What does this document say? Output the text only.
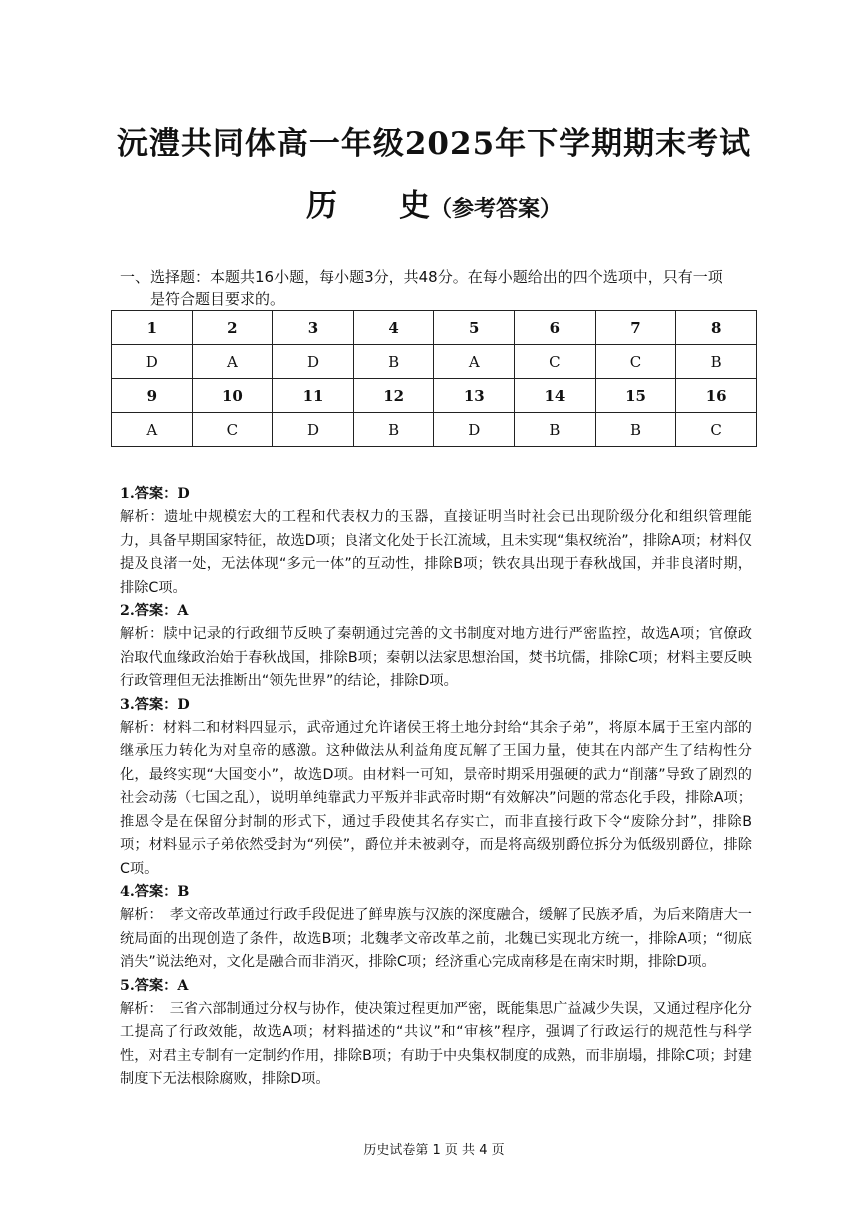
沅澧共同体高一年级2025年下学期期末考试
历 史（参考答案）
一、选择题：本题共16小题，每小题3分，共48分。在每小题给出的四个选项中，只有一项
是符合题目要求的。
1	2	3	4	5	6	7	8
D	A	D	B	A	C	C	B
9	10	11	12	13	14	15	16
A	C	D	B	D	B	B	C
1.答案：D

解析：遗址中规模宏大的工程和代表权力的玉器，直接证明当时社会已出现阶级分化和组织管理能力，具备早期国家特征，故选D项；良渚文化处于长江流域，且未实现“集权统治”，排除A项；材料仅提及良渚一处，无法体现“多元一体”的互动性，排除B项；铁农具出现于春秋战国，并非良渚时期，排除C项。

2.答案：A

解析：牍中记录的行政细节反映了秦朝通过完善的文书制度对地方进行严密监控，故选A项；官僚政治取代血缘政治始于春秋战国，排除B项；秦朝以法家思想治国，焚书坑儒，排除C项；材料主要反映行政管理但无法推断出“领先世界”的结论，排除D项。

3.答案：D

解析：材料二和材料四显示，武帝通过允许诸侯王将土地分封给“其余子弟”，将原本属于王室内部的继承压力转化为对皇帝的感激。这种做法从利益角度瓦解了王国力量，使其在内部产生了结构性分化，最终实现“大国变小”，故选D项。由材料一可知，景帝时期采用强硬的武力“削藩”导致了剧烈的社会动荡（七国之乱），说明单纯靠武力平叛并非武帝时期“有效解决”问题的常态化手段，排除A项；推恩令是在保留分封制的形式下，通过手段使其名存实亡，而非直接行政下令“废除分封”，排除B项；材料显示子弟依然受封为“列侯”，爵位并未被剥夺，而是将高级别爵位拆分为低级别爵位，排除C项。

4.答案：B

解析：　孝文帝改革通过行政手段促进了鲜卑族与汉族的深度融合，缓解了民族矛盾，为后来隋唐大一统局面的出现创造了条件，故选B项；北魏孝文帝改革之前，北魏已实现北方统一，排除A项；“彻底消失”说法绝对，文化是融合而非消灭，排除C项；经济重心完成南移是在南宋时期，排除D项。

5.答案：A

解析：　三省六部制通过分权与协作，使决策过程更加严密，既能集思广益减少失误，又通过程序化分工提高了行政效能，故选A项；材料描述的“共议”和“审核”程序，强调了行政运行的规范性与科学性，对君主专制有一定制约作用，排除B项；有助于中央集权制度的成熟，而非崩塌，排除C项；封建制度下无法根除腐败，排除D项。

历史试卷第 1 页 共 4 页
